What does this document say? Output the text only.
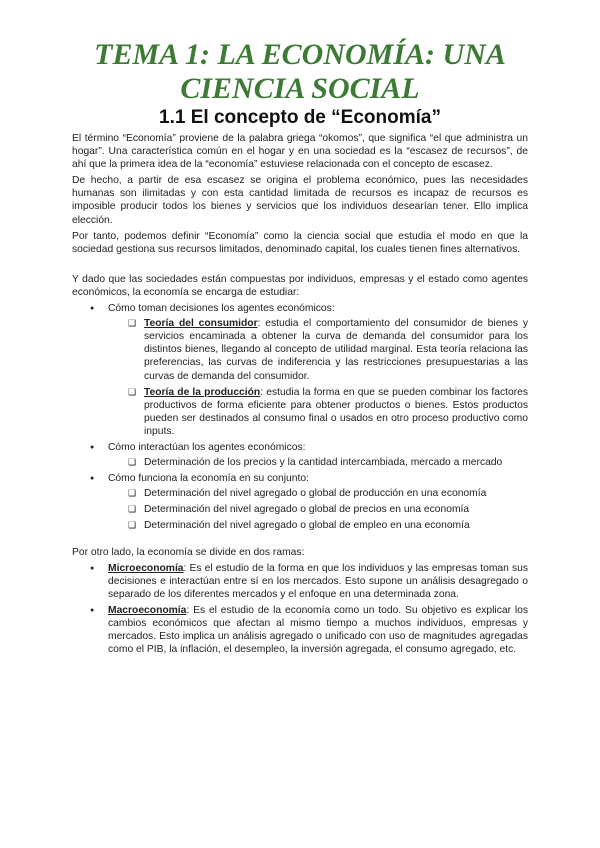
TEMA 1: LA ECONOMÍA: UNA CIENCIA SOCIAL
1.1 El concepto de “Economía”

El término “Economía” proviene de la palabra griega “okomos”, que significa “el que administra un hogar”. Una característica común en el hogar y en una sociedad es la “escasez de recursos”, de ahí que la primera idea de la “economía” estuviese relacionada con el concepto de escasez.

De hecho, a partir de esa escasez se origina el problema económico, pues las necesidades humanas son ilimitadas y con esta cantidad limitada de recursos es incapaz de recursos es imposible producir todos los bienes y servicios que los individuos desearían tener. Ello implica elección.

Por tanto, podemos definir “Economía” como la ciencia social que estudia el modo en que la sociedad gestiona sus recursos limitados, denominado capital, los cuales tienen fines alternativos.

Y dado que las sociedades están compuestas por individuos, empresas y el estado como agentes económicos, la economía se encarga de estudiar:

● Cómo toman decisiones los agentes económicos:
❏ Teoría del consumidor: estudia el comportamiento del consumidor de bienes y servicios encaminada a obtener la curva de demanda del consumidor para los distintos bienes, llegando al concepto de utilidad marginal. Esta teoría relaciona las preferencias, las curvas de indiferencia y las restricciones presupuestarias a las curvas de demanda del consumidor.
❏ Teoría de la producción: estudia la forma en que se pueden combinar los factores productivos de forma eficiente para obtener productos o bienes. Estos productos pueden ser destinados al consumo final o usados en otro proceso productivo como inputs.
● Cómo interactúan los agentes económicos:
❏ Determinación de los precios y la cantidad intercambiada, mercado a mercado
● Cómo funciona la economía en su conjunto:
❏ Determinación del nivel agregado o global de producción en una economía
❏ Determinación del nivel agregado o global de precios en una economía
❏ Determinación del nivel agregado o global de empleo en una economía

Por otro lado, la economía se divide en dos ramas:

● Microeconomía: Es el estudio de la forma en que los individuos y las empresas toman sus decisiones e interactúan entre sí en los mercados. Esto supone un análisis desagregado o separado de los diferentes mercados y el enfoque en una determinada zona.
● Macroeconomía: Es el estudio de la economía como un todo. Su objetivo es explicar los cambios económicos que afectan al mismo tiempo a muchos individuos, empresas y mercados. Esto implica un análisis agregado o unificado con uso de magnitudes agregadas como el PIB, la inflación, el desempleo, la inversión agregada, el consumo agregado, etc.
